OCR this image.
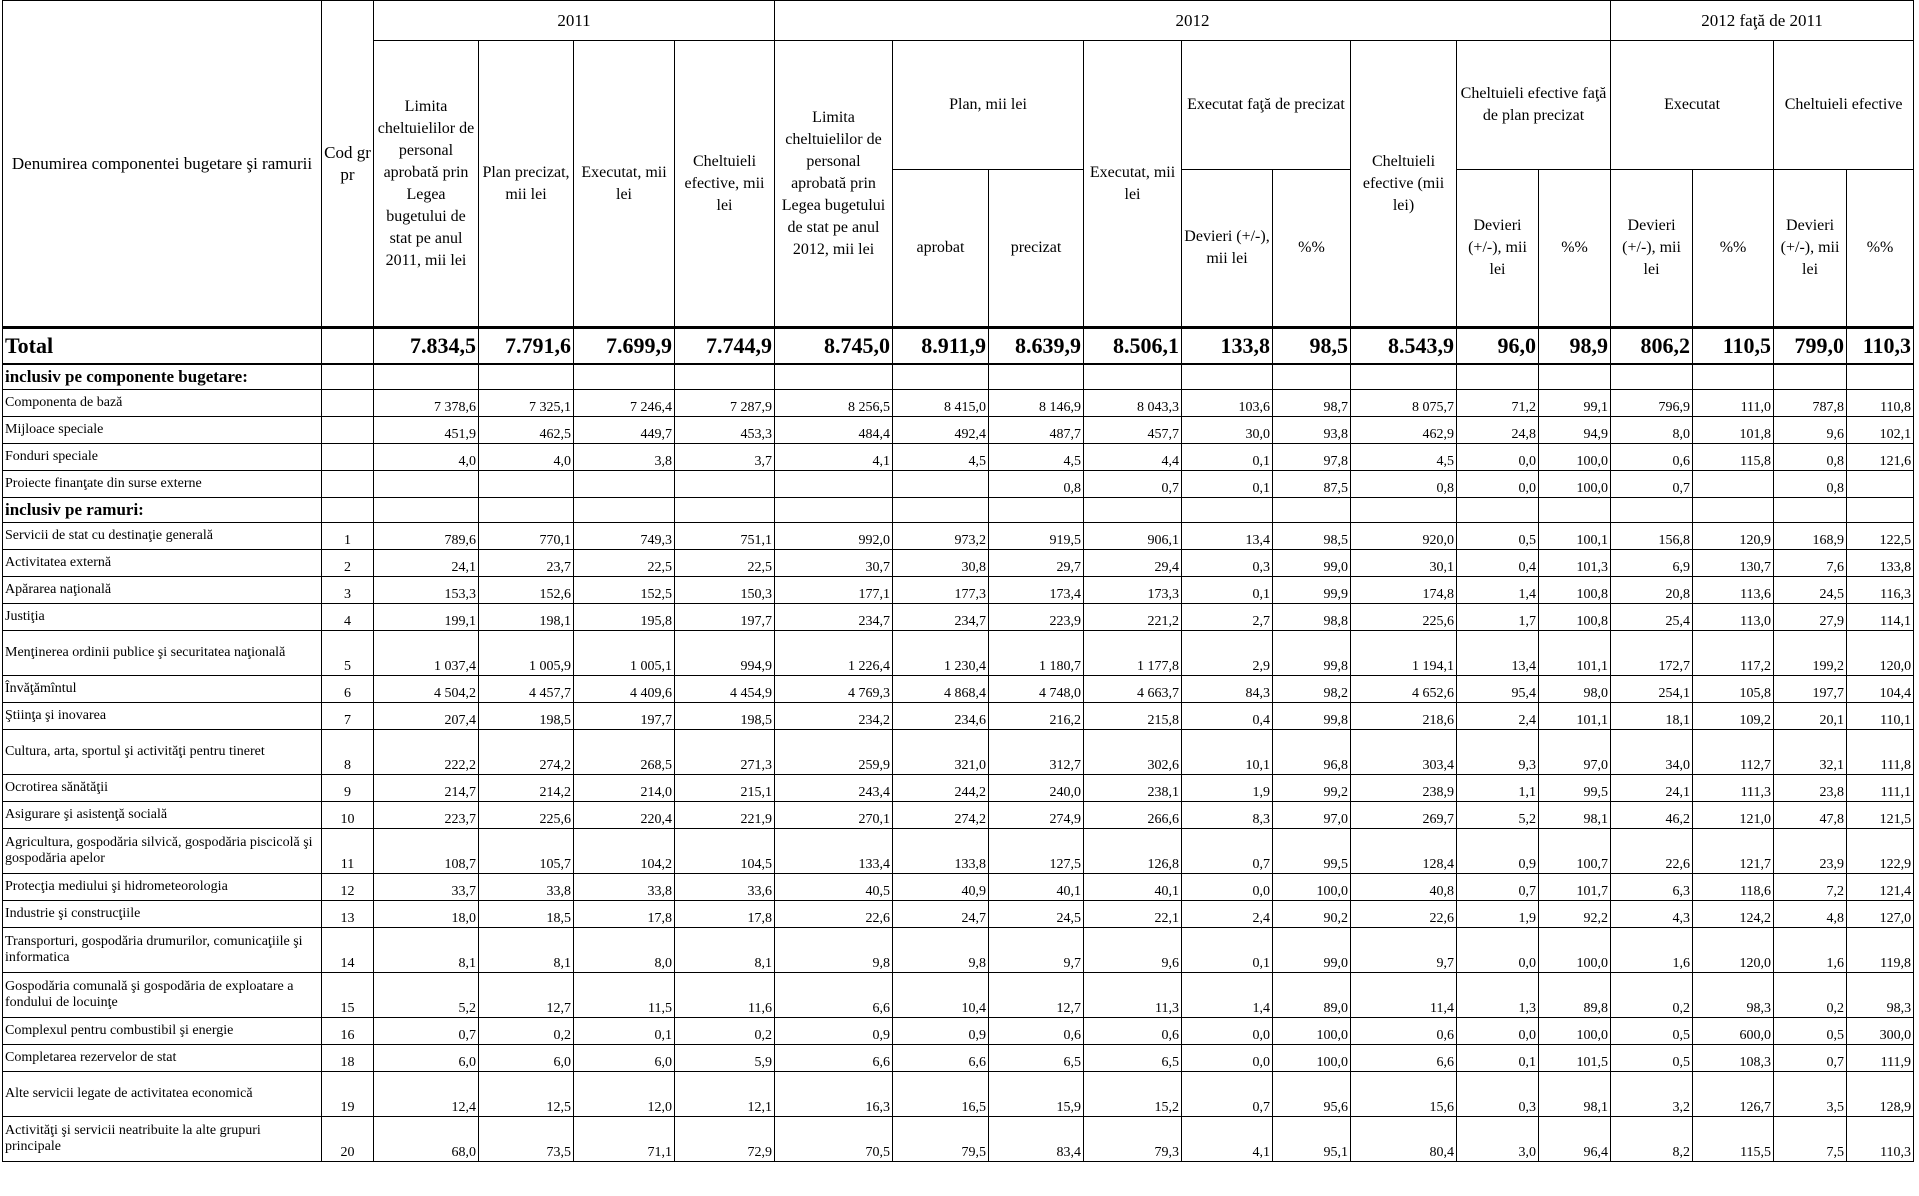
Denumirea componentei bugetare şi ramurii	Cod gr pr	2011				2012									2012 faţă de 2011			
		Limita cheltuielilor de personal aprobată prin Legea bugetului de stat pe anul 2011, mii lei	Plan precizat, mii lei	Executat, mii lei	Cheltuieli efective, mii lei	Limita cheltuielilor de personal aprobată prin Legea bugetului de stat pe anul 2012, mii lei	Plan, mii lei		Executat, mii lei	Executat faţă de precizat		Cheltuieli efective (mii lei)	Cheltuieli efective faţă de plan precizat		Executat		Cheltuieli efective	
							aprobat	precizat		Devieri (+/-), mii lei	%%		Devieri (+/-), mii lei	%%	Devieri (+/-), mii lei	%%	Devieri (+/-), mii lei	%%
Total		7.834,5	7.791,6	7.699,9	7.744,9	8.745,0	8.911,9	8.639,9	8.506,1	133,8	98,5	8.543,9	96,0	98,9	806,2	110,5	799,0	110,3
inclusiv pe componente bugetare:																		
Componenta de bază		7 378,6	7 325,1	7 246,4	7 287,9	8 256,5	8 415,0	8 146,9	8 043,3	103,6	98,7	8 075,7	71,2	99,1	796,9	111,0	787,8	110,8
Mijloace speciale		451,9	462,5	449,7	453,3	484,4	492,4	487,7	457,7	30,0	93,8	462,9	24,8	94,9	8,0	101,8	9,6	102,1
Fonduri speciale		4,0	4,0	3,8	3,7	4,1	4,5	4,5	4,4	0,1	97,8	4,5	0,0	100,0	0,6	115,8	0,8	121,6
Proiecte finanţate din surse externe								0,8	0,7	0,1	87,5	0,8	0,0	100,0	0,7		0,8	
inclusiv pe ramuri:																		
Servicii de stat cu destinaţie generală	1	789,6	770,1	749,3	751,1	992,0	973,2	919,5	906,1	13,4	98,5	920,0	0,5	100,1	156,8	120,9	168,9	122,5
Activitatea externă	2	24,1	23,7	22,5	22,5	30,7	30,8	29,7	29,4	0,3	99,0	30,1	0,4	101,3	6,9	130,7	7,6	133,8
Apărarea naţională	3	153,3	152,6	152,5	150,3	177,1	177,3	173,4	173,3	0,1	99,9	174,8	1,4	100,8	20,8	113,6	24,5	116,3
Justiţia	4	199,1	198,1	195,8	197,7	234,7	234,7	223,9	221,2	2,7	98,8	225,6	1,7	100,8	25,4	113,0	27,9	114,1
Menţinerea ordinii publice şi securitatea naţională	5	1 037,4	1 005,9	1 005,1	994,9	1 226,4	1 230,4	1 180,7	1 177,8	2,9	99,8	1 194,1	13,4	101,1	172,7	117,2	199,2	120,0
Învăţămîntul	6	4 504,2	4 457,7	4 409,6	4 454,9	4 769,3	4 868,4	4 748,0	4 663,7	84,3	98,2	4 652,6	95,4	98,0	254,1	105,8	197,7	104,4
Ştiinţa şi inovarea	7	207,4	198,5	197,7	198,5	234,2	234,6	216,2	215,8	0,4	99,8	218,6	2,4	101,1	18,1	109,2	20,1	110,1
Cultura, arta, sportul şi activităţi pentru tineret	8	222,2	274,2	268,5	271,3	259,9	321,0	312,7	302,6	10,1	96,8	303,4	9,3	97,0	34,0	112,7	32,1	111,8
Ocrotirea sănătăţii	9	214,7	214,2	214,0	215,1	243,4	244,2	240,0	238,1	1,9	99,2	238,9	1,1	99,5	24,1	111,3	23,8	111,1
Asigurare şi asistenţă socială	10	223,7	225,6	220,4	221,9	270,1	274,2	274,9	266,6	8,3	97,0	269,7	5,2	98,1	46,2	121,0	47,8	121,5
Agricultura, gospodăria silvică, gospodăria piscicolă şi gospodăria apelor	11	108,7	105,7	104,2	104,5	133,4	133,8	127,5	126,8	0,7	99,5	128,4	0,9	100,7	22,6	121,7	23,9	122,9
Protecţia mediului şi hidrometeorologia	12	33,7	33,8	33,8	33,6	40,5	40,9	40,1	40,1	0,0	100,0	40,8	0,7	101,7	6,3	118,6	7,2	121,4
Industrie şi construcţiile	13	18,0	18,5	17,8	17,8	22,6	24,7	24,5	22,1	2,4	90,2	22,6	1,9	92,2	4,3	124,2	4,8	127,0
Transporturi, gospodăria drumurilor, comunicaţiile şi informatica	14	8,1	8,1	8,0	8,1	9,8	9,8	9,7	9,6	0,1	99,0	9,7	0,0	100,0	1,6	120,0	1,6	119,8
Gospodăria comunală şi gospodăria de exploatare a fondului de locuinţe	15	5,2	12,7	11,5	11,6	6,6	10,4	12,7	11,3	1,4	89,0	11,4	1,3	89,8	0,2	98,3	0,2	98,3
Complexul pentru combustibil şi energie	16	0,7	0,2	0,1	0,2	0,9	0,9	0,6	0,6	0,0	100,0	0,6	0,0	100,0	0,5	600,0	0,5	300,0
Completarea rezervelor de stat	18	6,0	6,0	6,0	5,9	6,6	6,6	6,5	6,5	0,0	100,0	6,6	0,1	101,5	0,5	108,3	0,7	111,9
Alte servicii legate de activitatea economică	19	12,4	12,5	12,0	12,1	16,3	16,5	15,9	15,2	0,7	95,6	15,6	0,3	98,1	3,2	126,7	3,5	128,9
Activităţi şi servicii neatribuite la alte grupuri principale	20	68,0	73,5	71,1	72,9	70,5	79,5	83,4	79,3	4,1	95,1	80,4	3,0	96,4	8,2	115,5	7,5	110,3
